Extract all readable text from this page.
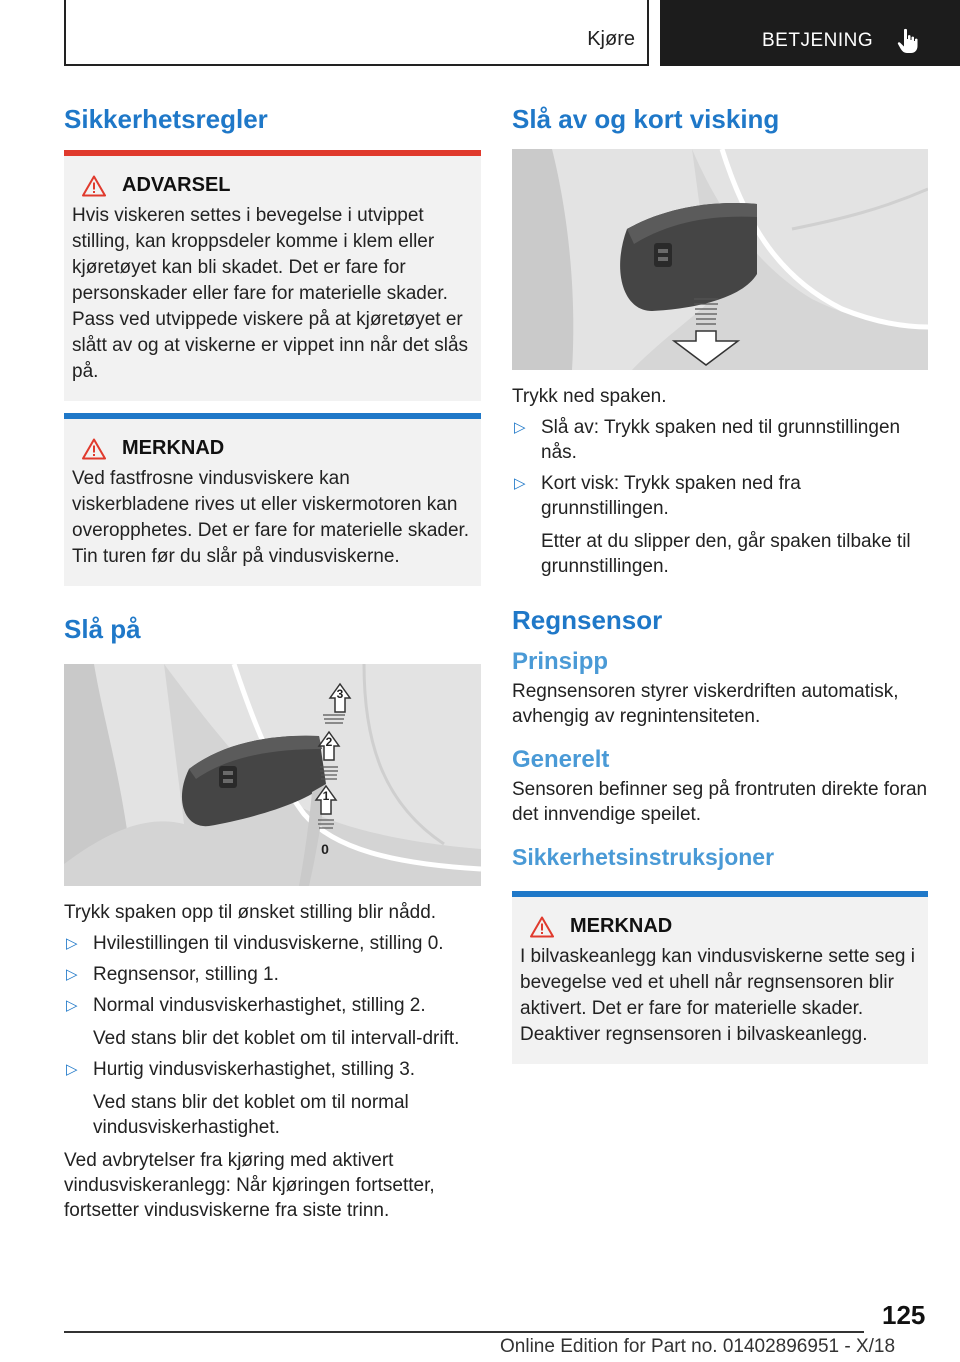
Kjøre	BETJENING
Sikkerhetsregler
ADVARSEL
Hvis viskeren settes i bevegelse i utvippet stilling, kan kroppsdeler komme i klem eller kjøretøyet kan bli skadet. Det er fare for personskader eller fare for materielle skader. Pass ved utvippede viskere på at kjøretøyet er slått av og at viskerne er vippet inn når det slås på.
MERKNAD
Ved fastfrosne vindusviskere kan viskerbladene rives ut eller viskermotoren kan overopphetes. Det er fare for materielle skader. Tin turen før du slår på vindusviskerne.
Slå på
3
2
1
0

Trykk spaken opp til ønsket stilling blir nådd.

▷ Hvilestillingen til vindusviskerne, stilling 0.
▷ Regnsensor, stilling 1.
▷ Normal vindusviskerhastighet, stilling 2.
Ved stans blir det koblet om til intervall-drift.
▷ Hurtig vindusviskerhastighet, stilling 3.
Ved stans blir det koblet om til normal vindusviskerhastighet.

Ved avbrytelser fra kjøring med aktivert vindusviskeranlegg: Når kjøringen fortsetter, fortsetter vindusviskerne fra siste trinn.

Slå av og kort visking

Trykk ned spaken.

▷ Slå av: Trykk spaken ned til grunnstillingen nås.
▷ Kort visk: Trykk spaken ned fra grunnstillingen.
Etter at du slipper den, går spaken tilbake til grunnstillingen.
Regnsensor
Prinsipp

Regnsensoren styrer viskerdriften automatisk, avhengig av regnintensiteten.

Generelt

Sensoren befinner seg på frontruten direkte foran det innvendige speilet.

Sikkerhetsinstruksjoner
MERKNAD
I bilvaskeanlegg kan vindusviskerne sette seg i bevegelse ved et uhell når regnsensoren blir aktivert. Det er fare for materielle skader. Deaktiver regnsensoren i bilvaskeanlegg.
125
Online Edition for Part no. 01402896951 - X/18
